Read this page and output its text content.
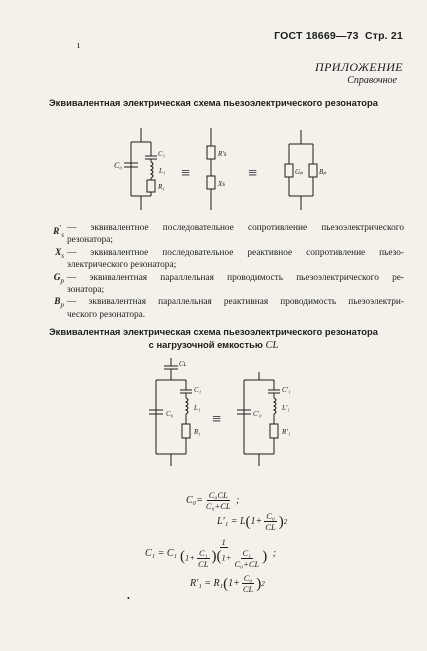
ı
ГОСТ 18669—73 Стр. 21
ПРИЛОЖЕНИЕ
Справочное
Эквивалентная электрическая схема пьезоэлектрического резонатора
C₀
C₁
L₁
R₁
≡
R′s
Xs
≡	Gₚ Bₚ
$R'_s$
— эквивалентное последовательное сопротивление пьезоэлектрического
резонатора;
$X_s$ — эквивалентное последовательное реактивное сопротивление пьезо-
электрического резонатора;
$G_p$ — эквивалентная параллельная проводимость пьезоэлектрического ре-
зонатора;
$B_p$ — эквивалентная параллельная реактивная проводимость пьезоэлектри-
ческого резонатора.
Эквивалентная электрическая схема пьезоэлектрического резонатора
с нагрузочной емкостью CL
Cʟ
C₁
L₁
C₀
R₁
≡
C′₁
L′₁
C′₀
R′₁
$C_0 = \frac{\text{C₀CL}}{\text{C₀+CL}}$
;
L′₁ = L ( $1+ \frac{\text{C₀}}{CL}$ ) 2
$C_1 = C_1 \frac{1}{(1+ \frac{\text{C₁}}{CL} )(1+ \frac{\text{C₁}}{\text{C₀+CL}} )}$
;
R′₁ = R₁ ( $1+ \frac{\text{C₀}}{CL}$ ) 2
•
